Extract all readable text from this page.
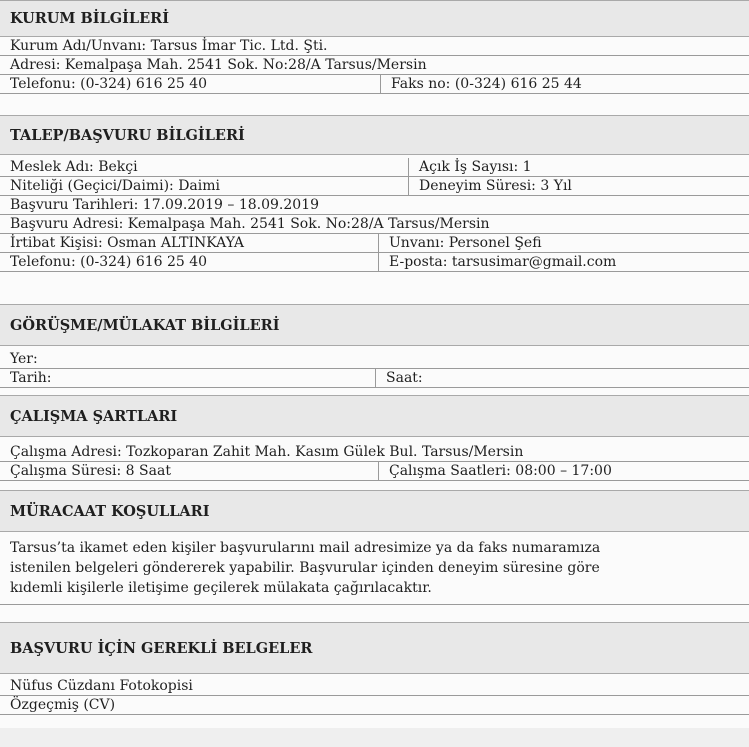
KURUM BİLGİLERİ
Kurum Adı/Unvanı: Tarsus İmar Tic. Ltd. Şti.
Adresi: Kemalpaşa Mah. 2541 Sok. No:28/A Tarsus/Mersin
Telefonu: (0-324) 616 25 40	Faks no: (0-324) 616 25 44
TALEP/BAŞVURU BİLGİLERİ
Meslek Adı: Bekçi	Açık İş Sayısı: 1
Niteliği (Geçici/Daimi): Daimi	Deneyim Süresi: 3 Yıl
Başvuru Tarihleri: 17.09.2019 – 18.09.2019
Başvuru Adresi: Kemalpaşa Mah. 2541 Sok. No:28/A Tarsus/Mersin
İrtibat Kişisi: Osman ALTINKAYA	Unvanı: Personel Şefi
Telefonu: (0-324) 616 25 40	E-posta: tarsusimar@gmail.com
GÖRÜŞME/MÜLAKAT BİLGİLERİ
Yer:
Tarih:	Saat:
ÇALIŞMA ŞARTLARI
Çalışma Adresi: Tozkoparan Zahit Mah. Kasım Gülek Bul. Tarsus/Mersin
Çalışma Süresi: 8 Saat	Çalışma Saatleri: 08:00 – 17:00
MÜRACAAT KOŞULLARI
Tarsus’ta ikamet eden kişiler başvurularını mail adresimize ya da faks numaramıza
istenilen belgeleri göndererek yapabilir. Başvurular içinden deneyim süresine göre
kıdemli kişilerle iletişime geçilerek mülakata çağırılacaktır.
BAŞVURU İÇİN GEREKLİ BELGELER
Nüfus Cüzdanı Fotokopisi
Özgeçmiş (CV)
